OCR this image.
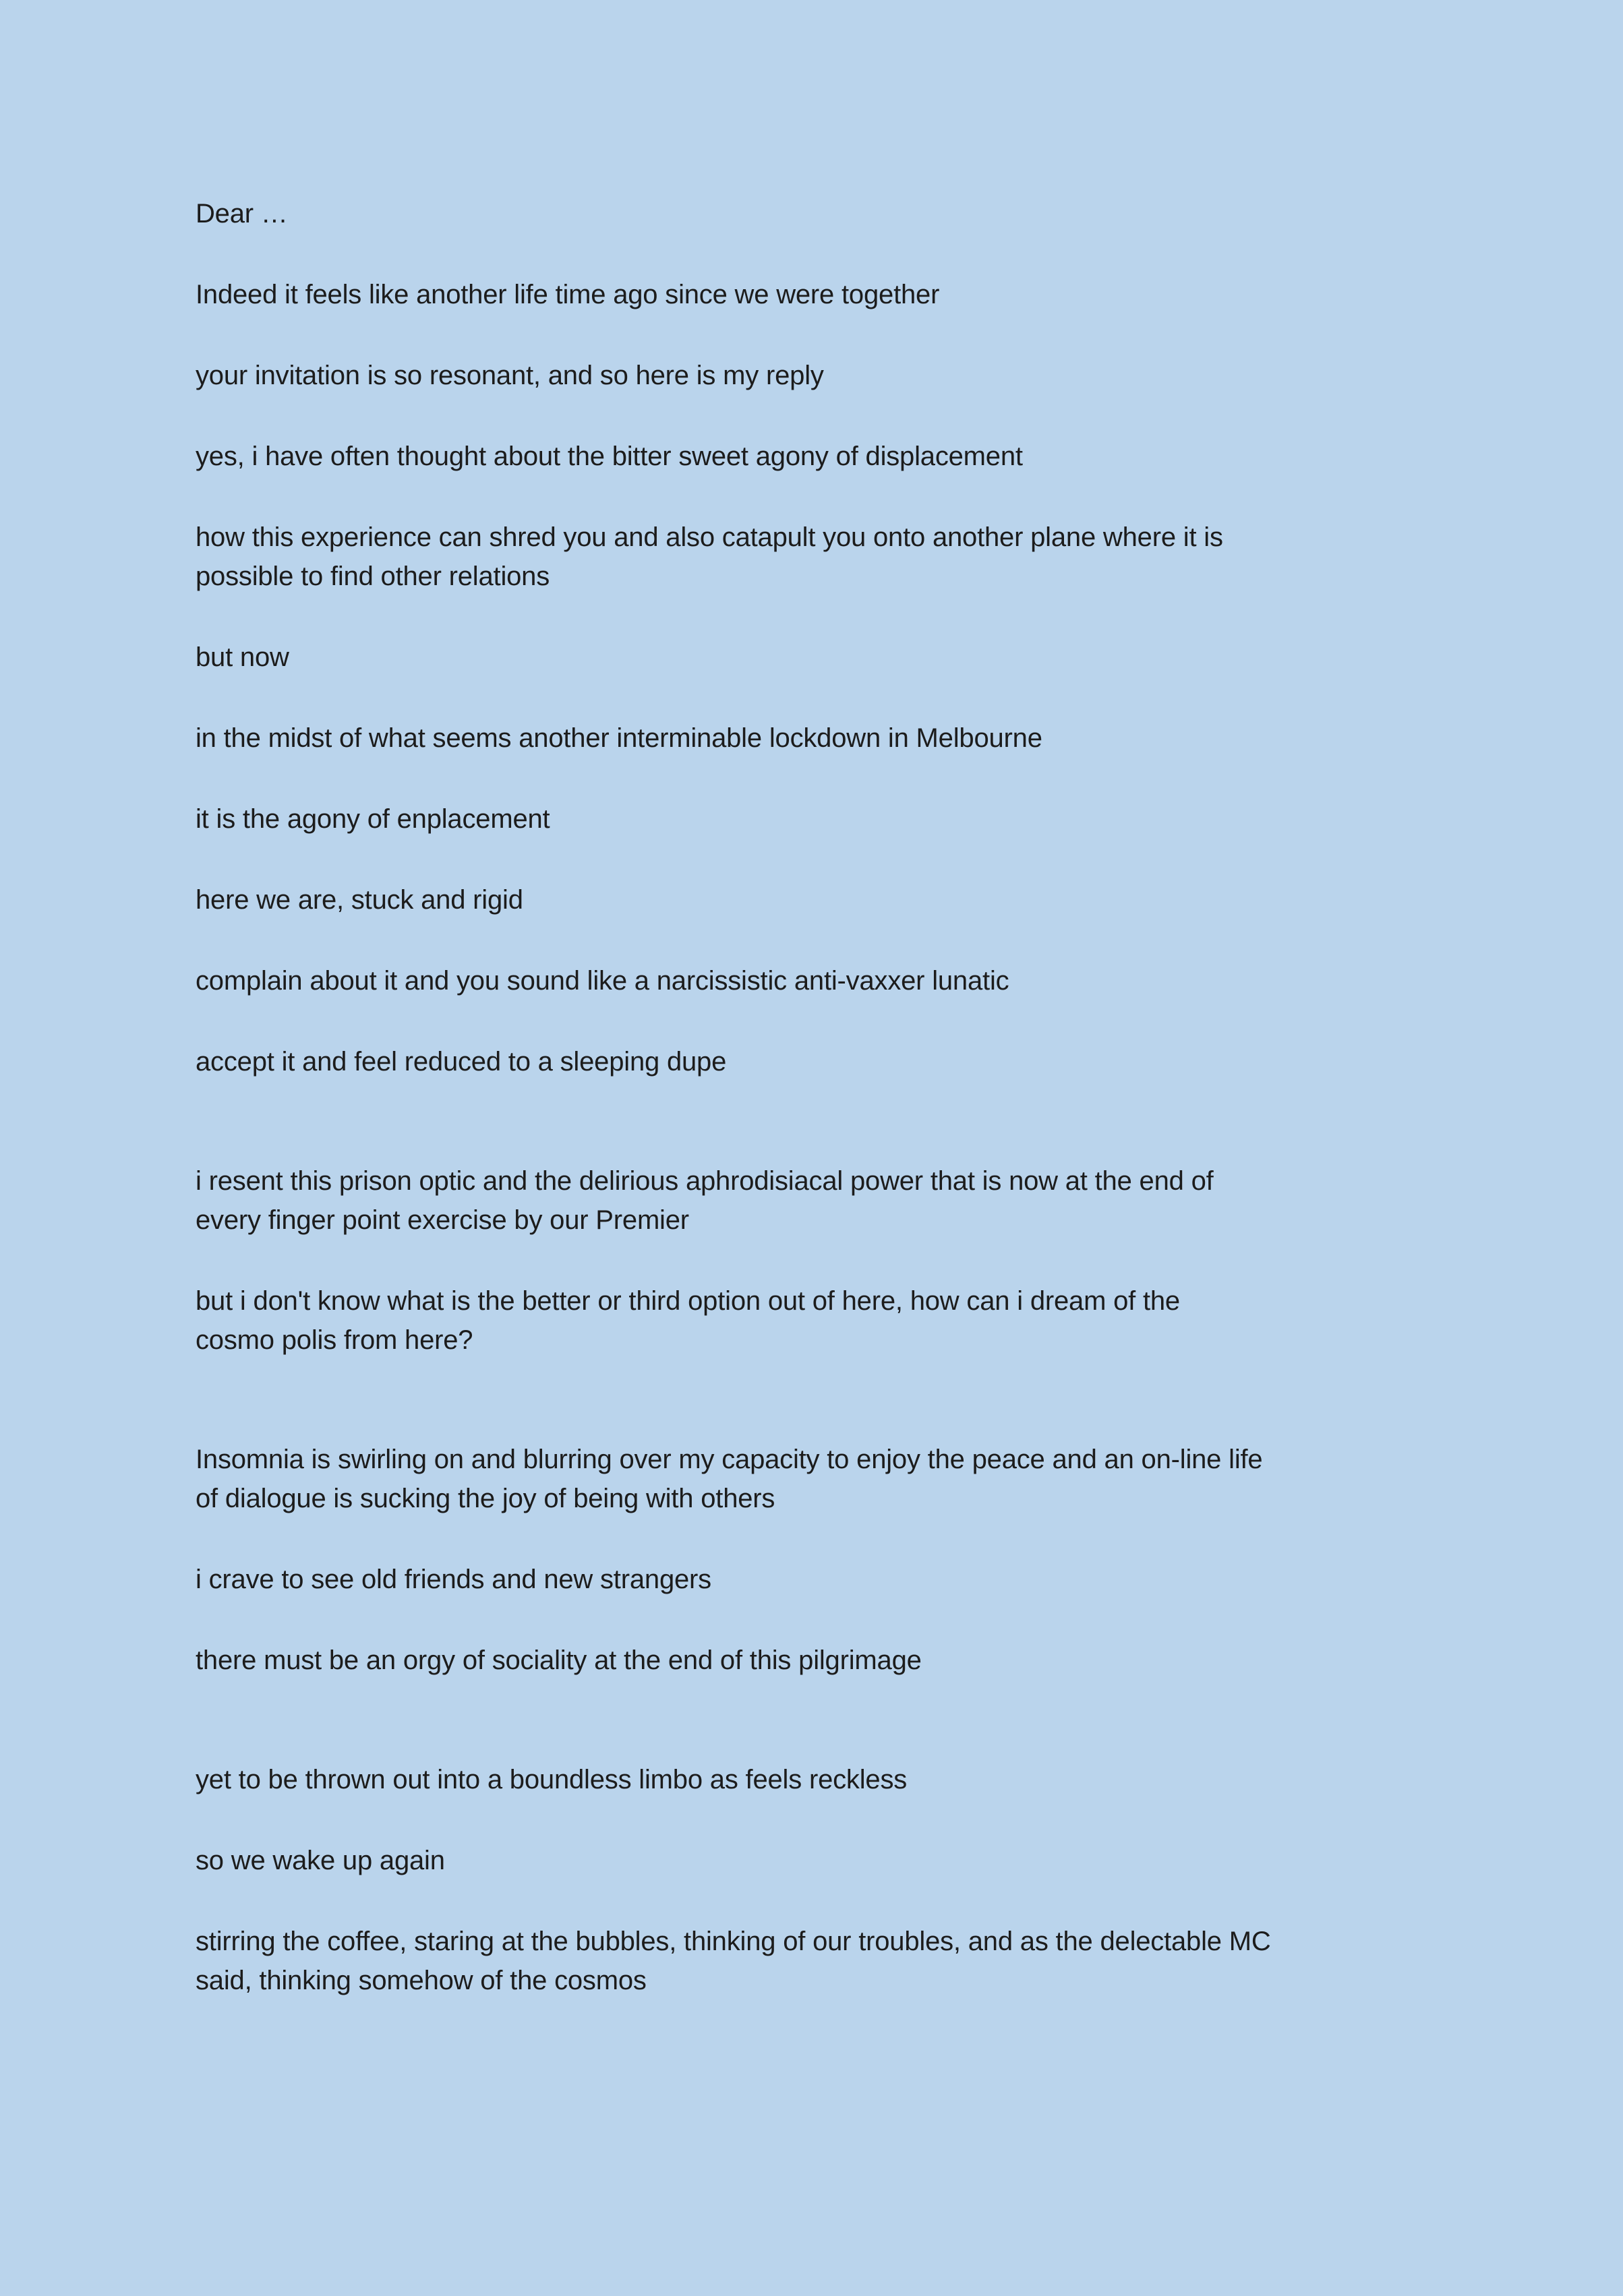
Dear …

Indeed it feels like another life time ago since we were together

your invitation is so resonant, and so here is my reply

yes, i have often thought about the bitter sweet agony of displacement

how this experience can shred you and also catapult you onto another plane where it is
possible to find other relations

but now

in the midst of what seems another interminable lockdown in Melbourne

it is the agony of enplacement

here we are, stuck and rigid

complain about it and you sound like a narcissistic anti-vaxxer lunatic

accept it and feel reduced to a sleeping dupe

i resent this prison optic and the delirious aphrodisiacal power that is now at the end of
every finger point exercise by our Premier

but i don't know what is the better or third option out of here, how can i dream of the
cosmo polis from here?

Insomnia is swirling on and blurring over my capacity to enjoy the peace and an on-line life
of dialogue is sucking the joy of being with others

i crave to see old friends and new strangers

there must be an orgy of sociality at the end of this pilgrimage

yet to be thrown out into a boundless limbo as feels reckless

so we wake up again

stirring the coffee, staring at the bubbles, thinking of our troubles, and as the delectable MC
said, thinking somehow of the cosmos
